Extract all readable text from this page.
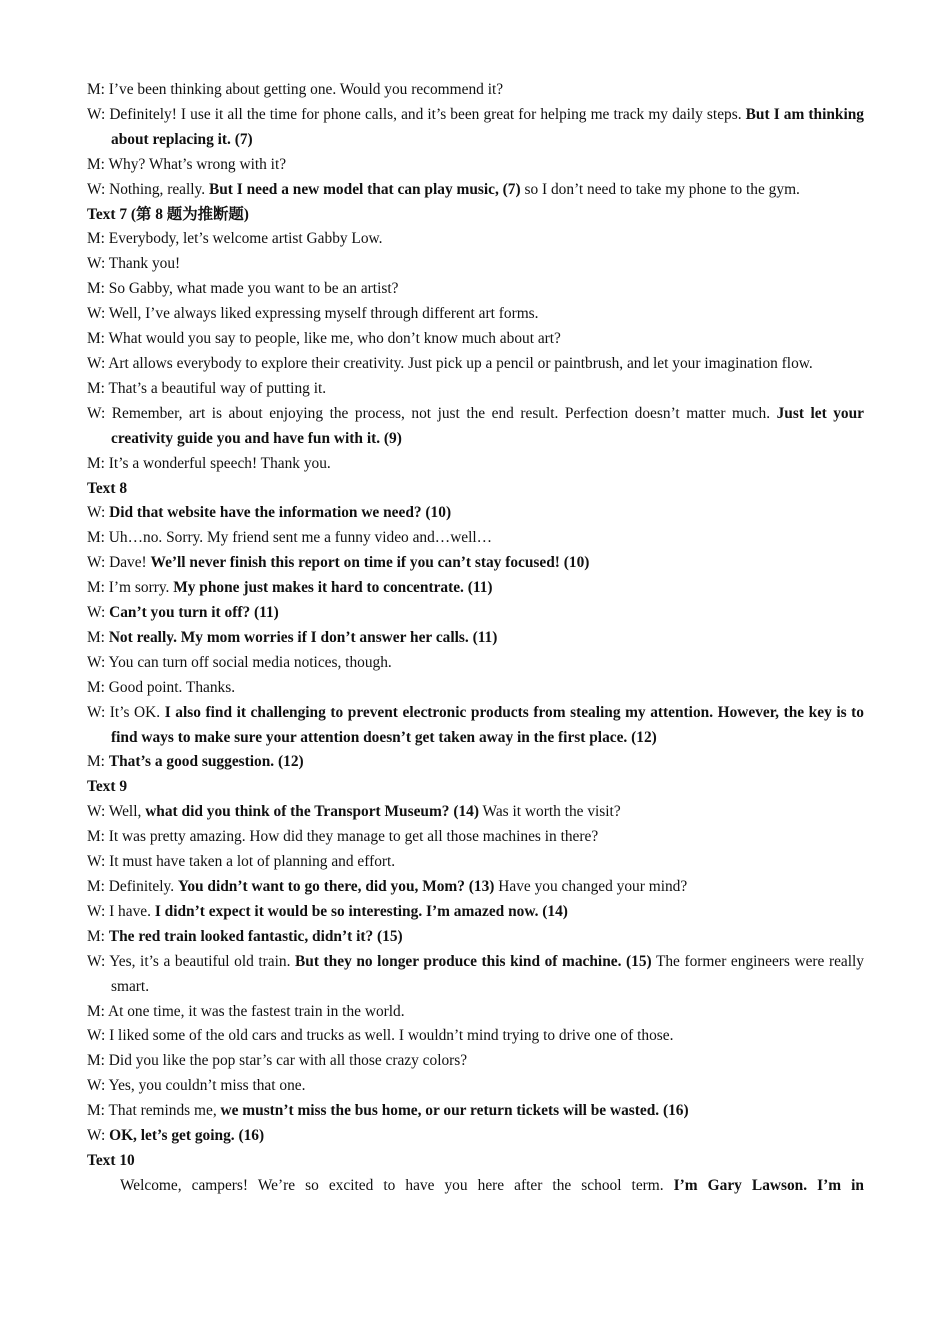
M: I’ve been thinking about getting one. Would you recommend it?

W: Definitely! I use it all the time for phone calls, and it’s been great for helping me track my daily steps. But I am thinking about replacing it. (7)

M: Why? What’s wrong with it?

W: Nothing, really. But I need a new model that can play music, (7) so I don’t need to take my phone to the gym.

Text 7 (第 8 题为推断题)

M: Everybody, let’s welcome artist Gabby Low.

W: Thank you!

M: So Gabby, what made you want to be an artist?

W: Well, I’ve always liked expressing myself through different art forms.

M: What would you say to people, like me, who don’t know much about art?

W: Art allows everybody to explore their creativity. Just pick up a pencil or paintbrush, and let your imagination flow.

M: That’s a beautiful way of putting it.

W: Remember, art is about enjoying the process, not just the end result. Perfection doesn’t matter much. Just let your creativity guide you and have fun with it. (9)

M: It’s a wonderful speech! Thank you.

Text 8

W: Did that website have the information we need? (10)

M: Uh…no. Sorry. My friend sent me a funny video and…well…

W: Dave! We’ll never finish this report on time if you can’t stay focused! (10)

M: I’m sorry. My phone just makes it hard to concentrate. (11)

W: Can’t you turn it off? (11)

M: Not really. My mom worries if I don’t answer her calls. (11)

W: You can turn off social media notices, though.

M: Good point. Thanks.

W: It’s OK. I also find it challenging to prevent electronic products from stealing my attention. However, the key is to find ways to make sure your attention doesn’t get taken away in the first place. (12)

M: That’s a good suggestion. (12)

Text 9

W: Well, what did you think of the Transport Museum? (14) Was it worth the visit?

M: It was pretty amazing. How did they manage to get all those machines in there?

W: It must have taken a lot of planning and effort.

M: Definitely. You didn’t want to go there, did you, Mom? (13) Have you changed your mind?

W: I have. I didn’t expect it would be so interesting. I’m amazed now. (14)

M: The red train looked fantastic, didn’t it? (15)

W: Yes, it’s a beautiful old train. But they no longer produce this kind of machine. (15) The former engineers were really smart.

M: At one time, it was the fastest train in the world.

W: I liked some of the old cars and trucks as well. I wouldn’t mind trying to drive one of those.

M: Did you like the pop star’s car with all those crazy colors?

W: Yes, you couldn’t miss that one.

M: That reminds me, we mustn’t miss the bus home, or our return tickets will be wasted. (16)

W: OK, let’s get going. (16)

Text 10

Welcome, campers! We’re so excited to have you here after the school term. I’m Gary Lawson. I’m in
